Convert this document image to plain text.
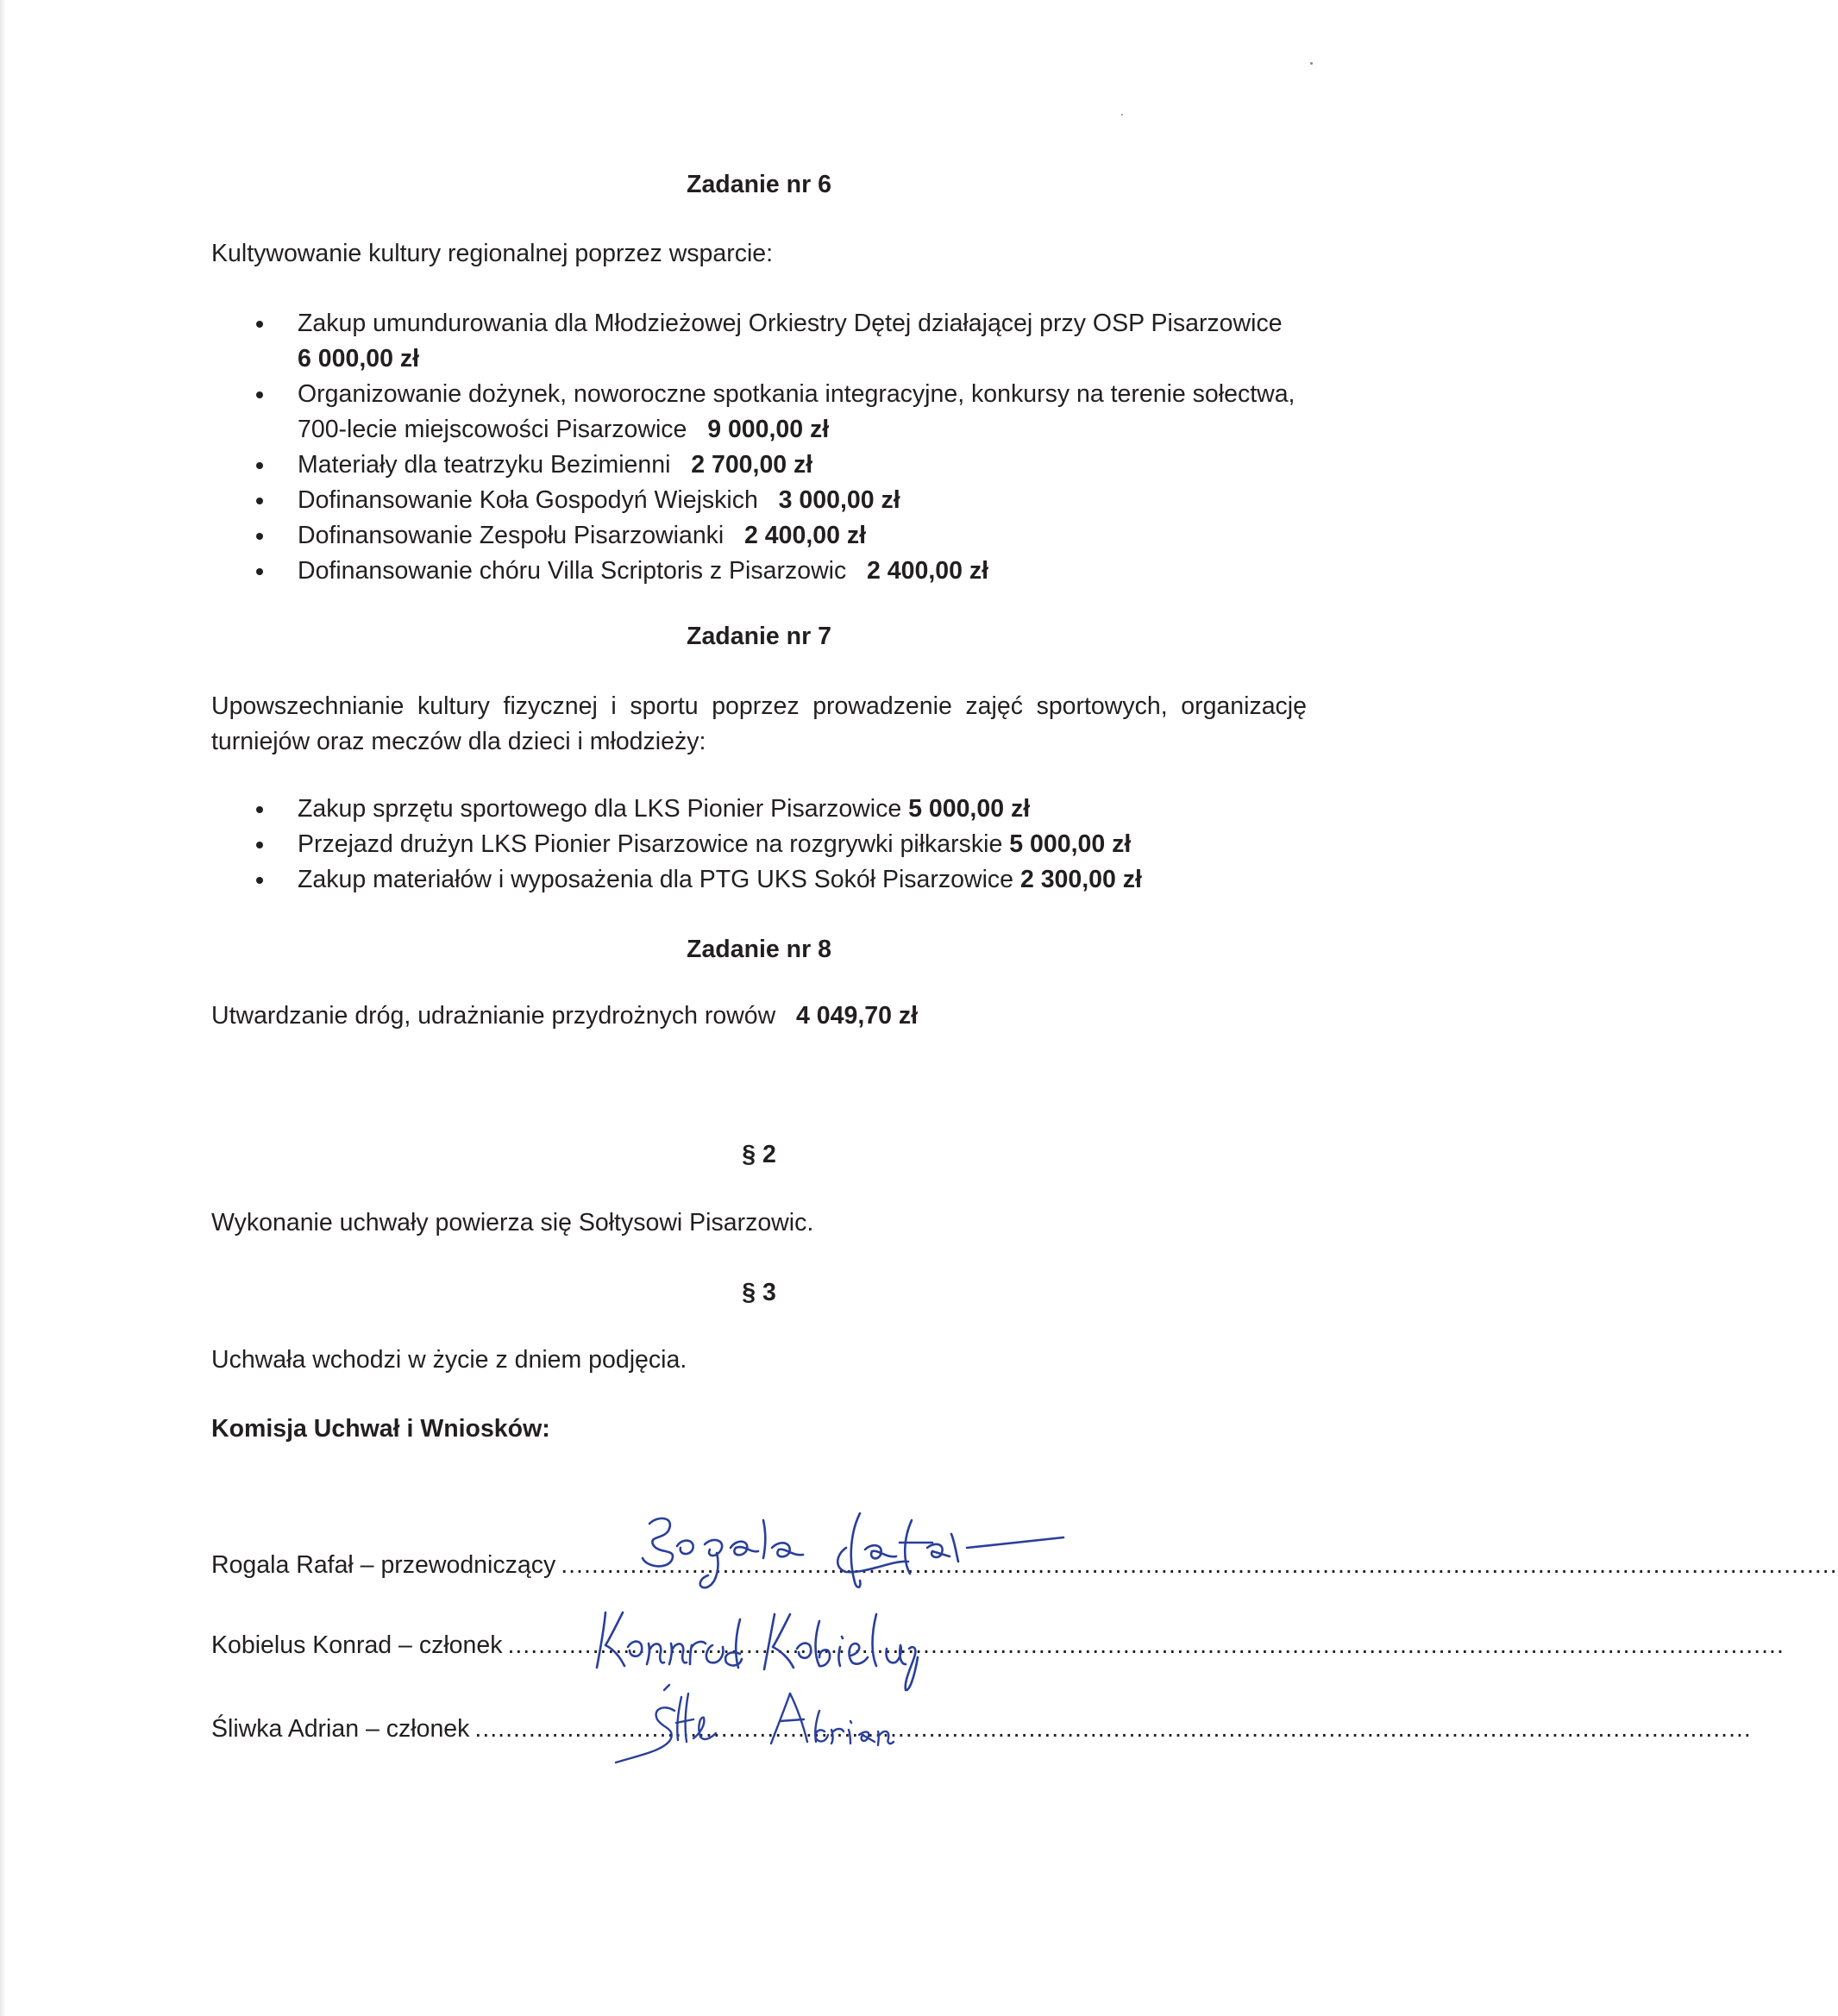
Zadanie nr 6

Kultywowanie kultury regionalnej poprzez wsparcie:

Zakup umundurowania dla Młodzieżowej Orkiestry Dętej działającej przy OSP Pisarzowice   6 000,00 zł
Organizowanie dożynek, noworoczne spotkania integracyjne, konkursy na terenie sołectwa, 700-lecie miejscowości Pisarzowice 9 000,00 zł
Materiały dla teatrzyku Bezimienni 2 700,00 zł
Dofinansowanie Koła Gospodyń Wiejskich 3 000,00 zł
Dofinansowanie Zespołu Pisarzowianki 2 400,00 zł
Dofinansowanie chóru Villa Scriptoris z Pisarzowic 2 400,00 zł
Zadanie nr 7

Upowszechnianie kultury fizycznej i sportu poprzez prowadzenie zajęć sportowych, organizację turniejów oraz meczów dla dzieci i młodzieży:

Zakup sprzętu sportowego dla LKS Pionier Pisarzowice 5 000,00 zł
Przejazd drużyn LKS Pionier Pisarzowice na rozgrywki piłkarskie 5 000,00 zł
Zakup materiałów i wyposażenia dla PTG UKS Sokół Pisarzowice 2 300,00 zł
Zadanie nr 8

Utwardzanie dróg, udrażnianie przydrożnych rowów 4 049,70 zł

§ 2

Wykonanie uchwały powierza się Sołtysowi Pisarzowic.

§ 3

Uchwała wchodzi w życie z dniem podjęcia.

Komisja Uchwał i Wniosków:

Rogala Rafał – przewodniczący ......................................................................................................................................................................
Kobielus Konrad – członek ......................................................................................................................................................................
Śliwka Adrian – członek ......................................................................................................................................................................
